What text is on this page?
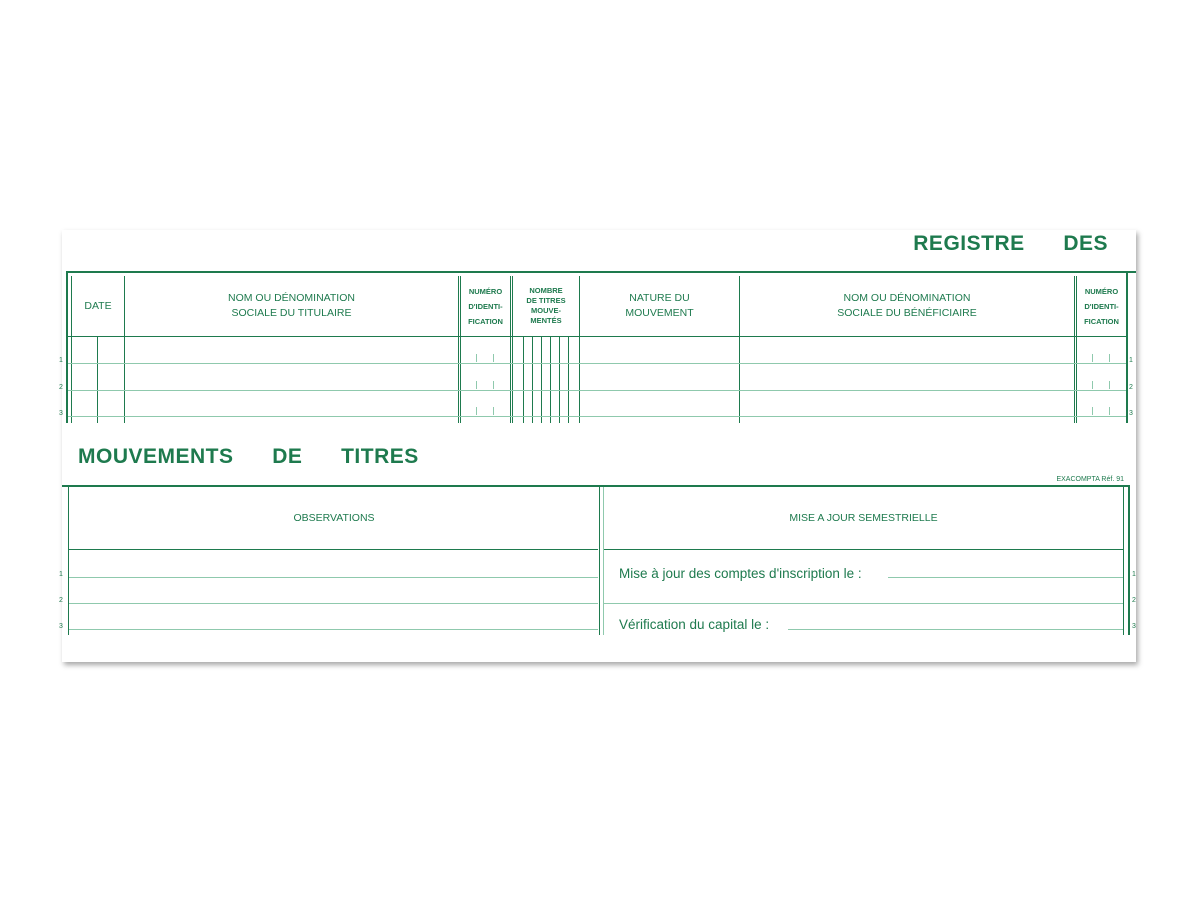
REGISTRE DES
DATE
NOM OU DÉNOMINATION
SOCIALE DU TITULAIRE
NUMÉRO
D'IDENTI-
FICATION
NOMBRE
DE TITRES
MOUVE-
MENTÉS
NATURE DU
MOUVEMENT
NOM OU DÉNOMINATION
SOCIALE DU BÉNÉFICIAIRE
NUMÉRO
D'IDENTI-
FICATION
1
2
3
1
2
3
MOUVEMENTS DE TITRES
EXACOMPTA Réf. 91
OBSERVATIONS	MISE A JOUR SEMESTRIELLE
Mise à jour des comptes d'inscription le :
Vérification du capital le :
1
2
3
1
2
3
